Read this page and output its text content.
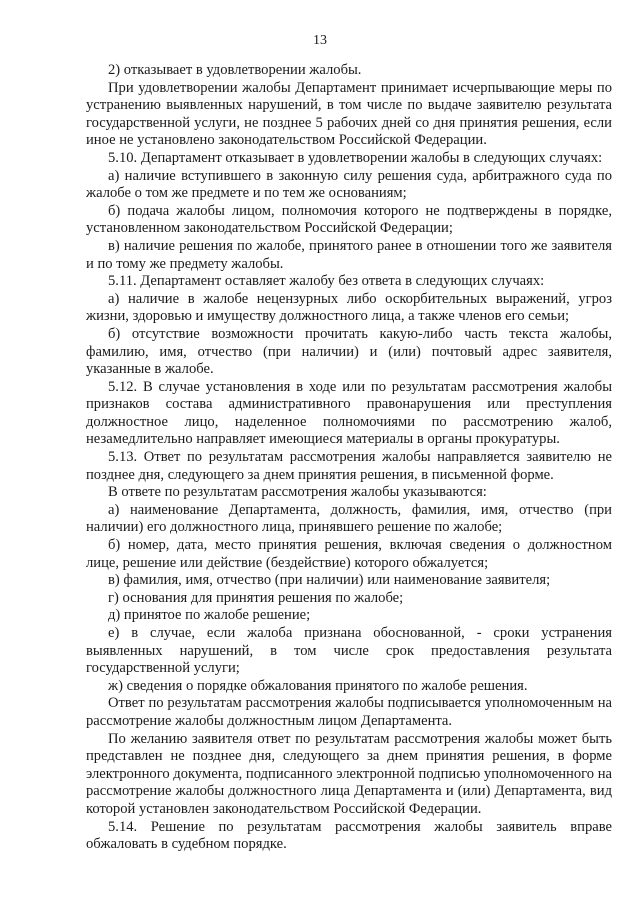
13

2) отказывает в удовлетворении жалобы.

При удовлетворении жалобы Департамент принимает исчерпывающие меры по устранению выявленных нарушений, в том числе по выдаче заявителю результата государственной услуги, не позднее 5 рабочих дней со дня принятия решения, если иное не установлено законодательством Российской Федерации.

5.10. Департамент отказывает в удовлетворении жалобы в следующих случаях:

а) наличие вступившего в законную силу решения суда, арбитражного суда по жалобе о том же предмете и по тем же основаниям;

б) подача жалобы лицом, полномочия которого не подтверждены в порядке, установленном законодательством Российской Федерации;

в) наличие решения по жалобе, принятого ранее в отношении того же заявителя и по тому же предмету жалобы.

5.11. Департамент оставляет жалобу без ответа в следующих случаях:

а) наличие в жалобе нецензурных либо оскорбительных выражений, угроз жизни, здоровью и имуществу должностного лица, а также членов его семьи;

б) отсутствие возможности прочитать какую-либо часть текста жалобы, фамилию, имя, отчество (при наличии) и (или) почтовый адрес заявителя, указанные в жалобе.

5.12. В случае установления в ходе или по результатам рассмотрения жалобы признаков состава административного правонарушения или преступления должностное лицо, наделенное полномочиями по рассмотрению жалоб, незамедлительно направляет имеющиеся материалы в органы прокуратуры.

5.13. Ответ по результатам рассмотрения жалобы направляется заявителю не позднее дня, следующего за днем принятия решения, в письменной форме.

В ответе по результатам рассмотрения жалобы указываются:

а) наименование Департамента, должность, фамилия, имя, отчество (при наличии) его должностного лица, принявшего решение по жалобе;

б) номер, дата, место принятия решения, включая сведения о должностном лице, решение или действие (бездействие) которого обжалуется;

в) фамилия, имя, отчество (при наличии) или наименование заявителя;

г) основания для принятия решения по жалобе;

д) принятое по жалобе решение;

е) в случае, если жалоба признана обоснованной, - сроки устранения выявленных нарушений, в том числе срок предоставления результата государственной услуги;

ж) сведения о порядке обжалования принятого по жалобе решения.

Ответ по результатам рассмотрения жалобы подписывается уполномоченным на рассмотрение жалобы должностным лицом Департамента.

По желанию заявителя ответ по результатам рассмотрения жалобы может быть представлен не позднее дня, следующего за днем принятия решения, в форме электронного документа, подписанного электронной подписью уполномоченного на рассмотрение жалобы должностного лица Департамента и (или) Департамента, вид которой установлен законодательством Российской Федерации.

5.14. Решение по результатам рассмотрения жалобы заявитель вправе обжаловать в судебном порядке.
